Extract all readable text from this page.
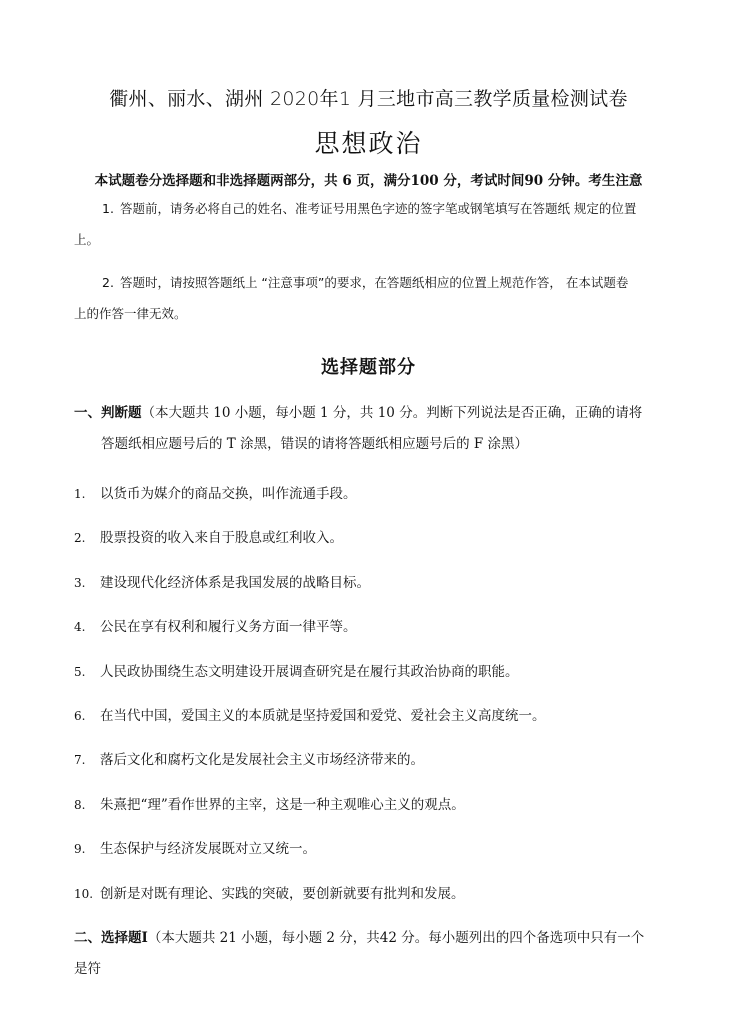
衢州、丽水、湖州 2020年1 月三地市高三教学质量检测试卷
思想政治
本试题卷分选择题和非选择题两部分，共 6 页，满分100 分，考试时间90 分钟。考生注意

1. 答题前，请务必将自己的姓名、准考证号用黑色字迹的签字笔或钢笔填写在答题纸 规定的位置上。

2. 答题时，请按照答题纸上 “注意事项”的要求，在答题纸相应的位置上规范作答， 在本试题卷上的作答一律无效。

选择题部分

一、判断题（本大题共 10 小题，每小题 1 分，共 10 分。判断下列说法是否正确，正确的请将
答题纸相应题号后的 T 涂黑，错误的请将答题纸相应题号后的 F 涂黑）

1. 以货币为媒介的商品交换，叫作流通手段。

2. 股票投资的收入来自于股息或红利收入。

3. 建设现代化经济体系是我国发展的战略目标。

4. 公民在享有权利和履行义务方面一律平等。

5. 人民政协围绕生态文明建设开展调查研究是在履行其政治协商的职能。

6. 在当代中国，爱国主义的本质就是坚持爱国和爱党、爱社会主义高度统一。

7. 落后文化和腐朽文化是发展社会主义市场经济带来的。

8. 朱熹把“理”看作世界的主宰，这是一种主观唯心主义的观点。

9. 生态保护与经济发展既对立又统一。

10. 创新是对既有理论、实践的突破，要创新就要有批判和发展。

二、选择题Ⅰ（本大题共 21 小题，每小题 2 分，共42 分。每小题列出的四个备选项中只有一个是符
